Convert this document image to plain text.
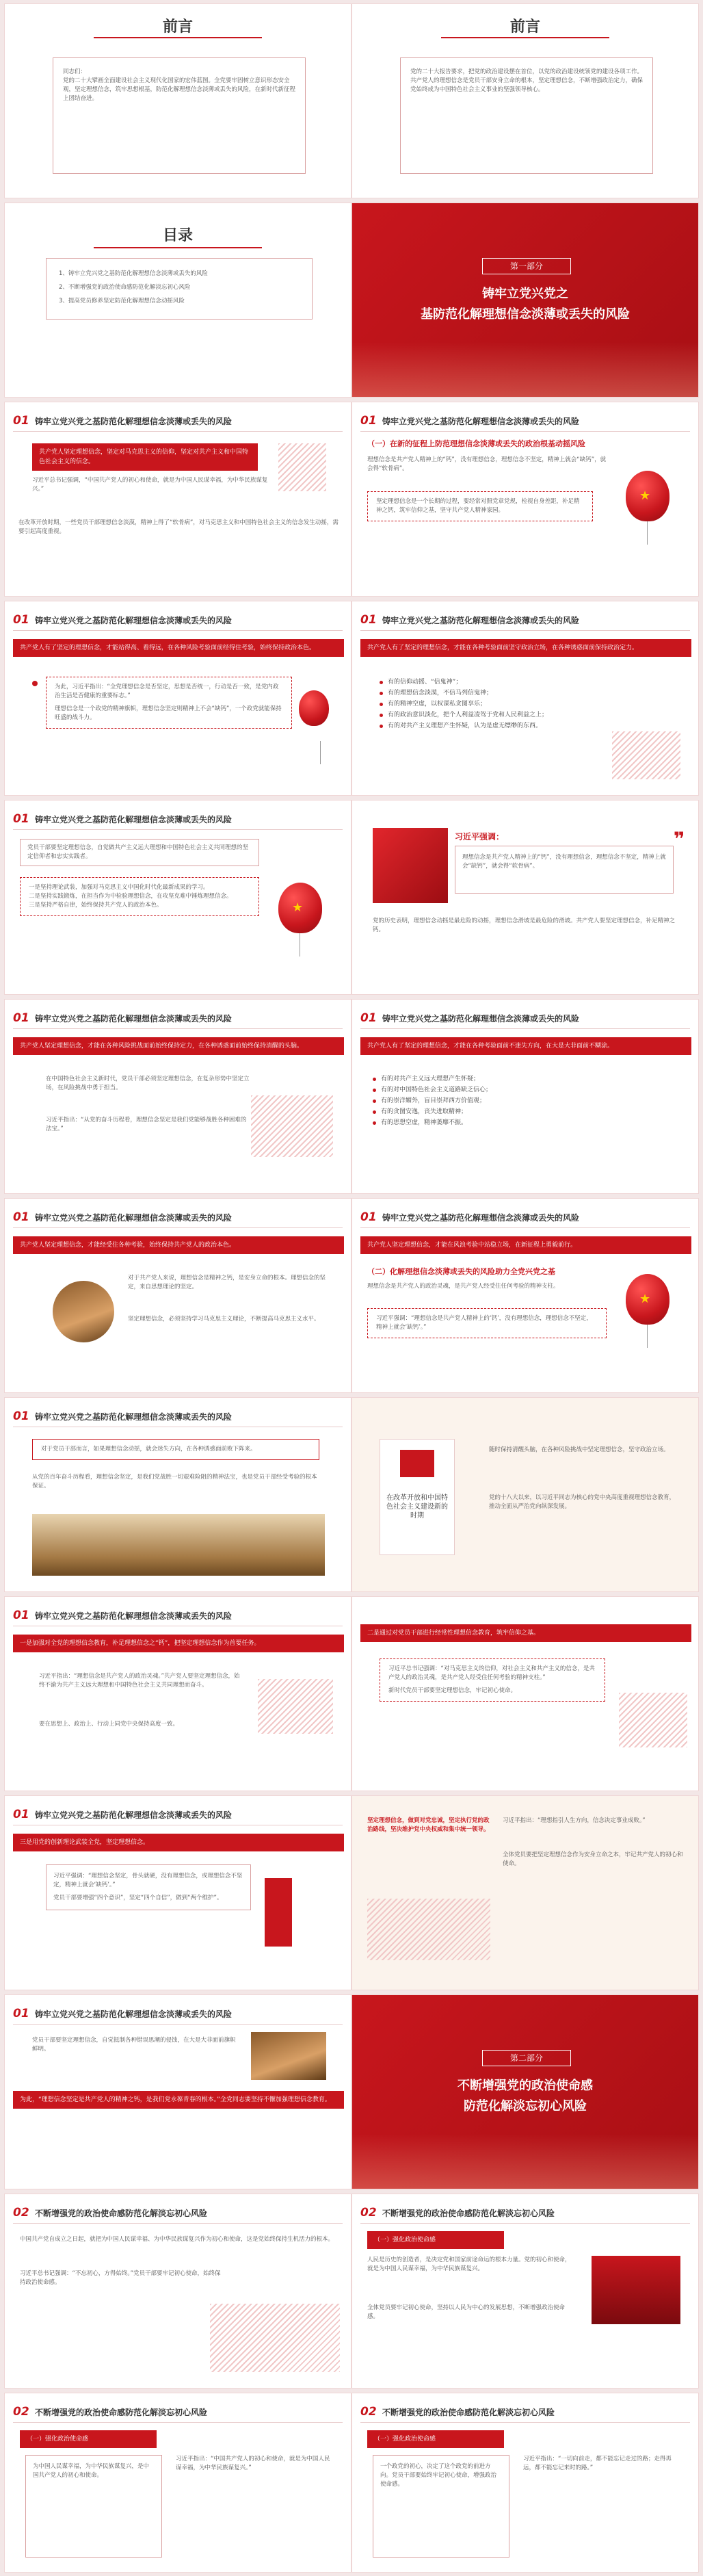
前言
同志们：
党的二十大擘画全面建设社会主义现代化国家的宏伟蓝图。全党要牢固树立意识形态安全观，坚定理想信念，筑牢思想根基，防范化解理想信念淡薄或丢失的风险，在新时代新征程上团结奋进。
前言
党的二十大报告要求，把党的政治建设摆在首位，以党的政治建设统领党的建设各项工作。共产党人的理想信念是党员干部安身立命的根本，坚定理想信念，不断增强政治定力，确保党始终成为中国特色社会主义事业的坚强领导核心。
目录
1、铸牢立党兴党之基防范化解理想信念淡薄或丢失的风险
2、不断增强党的政治使命感防范化解淡忘初心风险
3、提高党员修养坚定防范化解理想信念动摇风险
第一部分
铸牢立党兴党之
基防范化解理想信念淡薄或丢失的风险
01 铸牢立党兴党之基防范化解理想信念淡薄或丢失的风险
共产党人坚定理想信念，坚定对马克思主义的信仰，坚定对共产主义和中国特色社会主义的信念。
习近平总书记强调，“中国共产党人的初心和使命，就是为中国人民谋幸福，为中华民族谋复兴。”
在改革开放时期，一些党员干部理想信念淡漠，精神上得了“软骨病”，对马克思主义和中国特色社会主义的信念发生动摇，需要引起高度重视。
01 铸牢立党兴党之基防范化解理想信念淡薄或丢失的风险
（一）在新的征程上防范理想信念淡薄或丢失的政治根基动摇风险
理想信念是共产党人精神上的“钙”，没有理想信念，理想信念不坚定，精神上就会“缺钙”，就会得“软骨病”。
坚定理想信念是一个长期的过程，要经常对照党章党规，检视自身差距，补足精神之钙，筑牢信仰之基，坚守共产党人精神家园。
★
01 铸牢立党兴党之基防范化解理想信念淡薄或丢失的风险
共产党人有了坚定的理想信念，才能站得高、看得远，在各种风险考验面前经得住考验，始终保持政治本色。
为此，习近平指出：“全党理想信念是否坚定，思想是否统一，行动是否一致，是党内政治生活是否健康的重要标志。”
理想信念是一个政党的精神旗帜，理想信念坚定则精神上不会“缺钙”，一个政党就能保持旺盛的战斗力。
01 铸牢立党兴党之基防范化解理想信念淡薄或丢失的风险
共产党人有了坚定的理想信念，才能在各种考验面前坚守政治立场，在各种诱惑面前保持政治定力。
有的信仰动摇、“信鬼神”；
有的理想信念淡漠，不信马列信鬼神；
有的精神空虚，以权谋私贪图享乐；
有的政治意识淡化，把个人利益凌驾于党和人民利益之上；
有的对共产主义理想产生怀疑，认为是虚无缥缈的东西。
01 铸牢立党兴党之基防范化解理想信念淡薄或丢失的风险
党员干部要坚定理想信念，自觉做共产主义远大理想和中国特色社会主义共同理想的坚定信仰者和忠实实践者。
一是坚持理论武装，加强对马克思主义中国化时代化最新成果的学习。
二是坚持实践锻炼，在担当作为中检验理想信念，在攻坚克难中锤炼理想信念。
三是坚持严格自律，始终保持共产党人的政治本色。	★
习近平强调：
理想信念是共产党人精神上的“钙”，没有理想信念，理想信念不坚定，精神上就会“缺钙”，就会得“软骨病”。
❞
党的历史表明，理想信念动摇是最危险的动摇，理想信念滑坡是最危险的滑坡。共产党人要坚定理想信念，补足精神之钙。
01 铸牢立党兴党之基防范化解理想信念淡薄或丢失的风险
共产党人坚定理想信念，才能在各种风险挑战面前始终保持定力，在各种诱惑面前始终保持清醒的头脑。
在中国特色社会主义新时代，党员干部必须坚定理想信念，在复杂形势中坚定立场，在风险挑战中勇于担当。
习近平指出：“从党的奋斗历程看，理想信念坚定是我们党能够战胜各种困难的法宝。”
01 铸牢立党兴党之基防范化解理想信念淡薄或丢失的风险
共产党人有了坚定的理想信念，才能在各种考验面前不迷失方向，在大是大非面前不糊涂。
有的对共产主义远大理想产生怀疑；
有的对中国特色社会主义道路缺乏信心；
有的崇洋媚外，盲目崇拜西方价值观；
有的贪图安逸，丧失进取精神；
有的思想空虚，精神萎靡不振。
01 铸牢立党兴党之基防范化解理想信念淡薄或丢失的风险
共产党人坚定理想信念，才能经受住各种考验，始终保持共产党人的政治本色。
对于共产党人来说，理想信念是精神之钙，是安身立命的根本。理想信念的坚定，来自思想理论的坚定。
坚定理想信念，必须坚持学习马克思主义理论，不断提高马克思主义水平。
01 铸牢立党兴党之基防范化解理想信念淡薄或丢失的风险
共产党人坚定理想信念，才能在风浪考验中站稳立场，在新征程上勇毅前行。
（二）化解理想信念淡薄或丢失的风险助力全党兴党之基
理想信念是共产党人的政治灵魂，是共产党人经受住任何考验的精神支柱。
习近平强调：“理想信念是共产党人精神上的‘钙’，没有理想信念，理想信念不坚定，精神上就会‘缺钙’。”
★
01 铸牢立党兴党之基防范化解理想信念淡薄或丢失的风险
对于党员干部而言，如果理想信念动摇，就会迷失方向，在各种诱惑面前败下阵来。
从党的百年奋斗历程看，理想信念坚定，是我们党战胜一切艰难险阻的精神法宝，也是党员干部经受考验的根本保证。
在改革开放和中国特色社会主义建设新的时期
随时保持清醒头脑，在各种风险挑战中坚定理想信念，坚守政治立场。
党的十八大以来，以习近平同志为核心的党中央高度重视理想信念教育，推动全面从严治党向纵深发展。
01 铸牢立党兴党之基防范化解理想信念淡薄或丢失的风险
一是加强对全党的理想信念教育，补足理想信念之“钙”，把坚定理想信念作为首要任务。
习近平指出：“理想信念是共产党人的政治灵魂。”共产党人要坚定理想信念，始终不渝为共产主义远大理想和中国特色社会主义共同理想而奋斗。
要在思想上、政治上、行动上同党中央保持高度一致。
二是通过对党员干部进行经常性理想信念教育，筑牢信仰之基。
习近平总书记强调：“对马克思主义的信仰，对社会主义和共产主义的信念，是共产党人的政治灵魂，是共产党人经受住任何考验的精神支柱。”
新时代党员干部要坚定理想信念，牢记初心使命。
01 铸牢立党兴党之基防范化解理想信念淡薄或丢失的风险
三是用党的创新理论武装全党，坚定理想信念。
习近平强调：“理想信念坚定，骨头就硬，没有理想信念，或理想信念不坚定，精神上就会‘缺钙’。”
党员干部要增强“四个意识”，坚定“四个自信”，做到“两个维护”。
坚定理想信念，做到对党忠诚，坚定执行党的政治路线，坚决维护党中央权威和集中统一领导。
习近平指出：“理想指引人生方向，信念决定事业成败。”
全体党员要把坚定理想信念作为安身立命之本，牢记共产党人的初心和使命。
01 铸牢立党兴党之基防范化解理想信念淡薄或丢失的风险
党员干部要坚定理想信念，自觉抵制各种错误思潮的侵蚀，在大是大非面前旗帜鲜明。
为此，“理想信念坚定是共产党人的精神之钙，是我们党永葆青春的根本。”全党同志要坚持不懈加强理想信念教育。
第二部分
不断增强党的政治使命感
防范化解淡忘初心风险
02 不断增强党的政治使命感防范化解淡忘初心风险
中国共产党自成立之日起，就把为中国人民谋幸福、为中华民族谋复兴作为初心和使命，这是党始终保持生机活力的根本。
习近平总书记强调：“不忘初心，方得始终。”党员干部要牢记初心使命，始终保持政治使命感。
02 不断增强党的政治使命感防范化解淡忘初心风险
（一）强化政治使命感
人民是历史的创造者，是决定党和国家前途命运的根本力量。党的初心和使命，就是为中国人民谋幸福，为中华民族谋复兴。
全体党员要牢记初心使命，坚持以人民为中心的发展思想，不断增强政治使命感。
02 不断增强党的政治使命感防范化解淡忘初心风险
（一）强化政治使命感
为中国人民谋幸福，为中华民族谋复兴，是中国共产党人的初心和使命。
习近平指出：“中国共产党人的初心和使命，就是为中国人民谋幸福，为中华民族谋复兴。”
02 不断增强党的政治使命感防范化解淡忘初心风险
（一）强化政治使命感
一个政党的初心，决定了这个政党的前进方向。党员干部要始终牢记初心使命，增强政治使命感。
习近平指出：“一切向前走，都不能忘记走过的路；走得再远，都不能忘记来时的路。”
